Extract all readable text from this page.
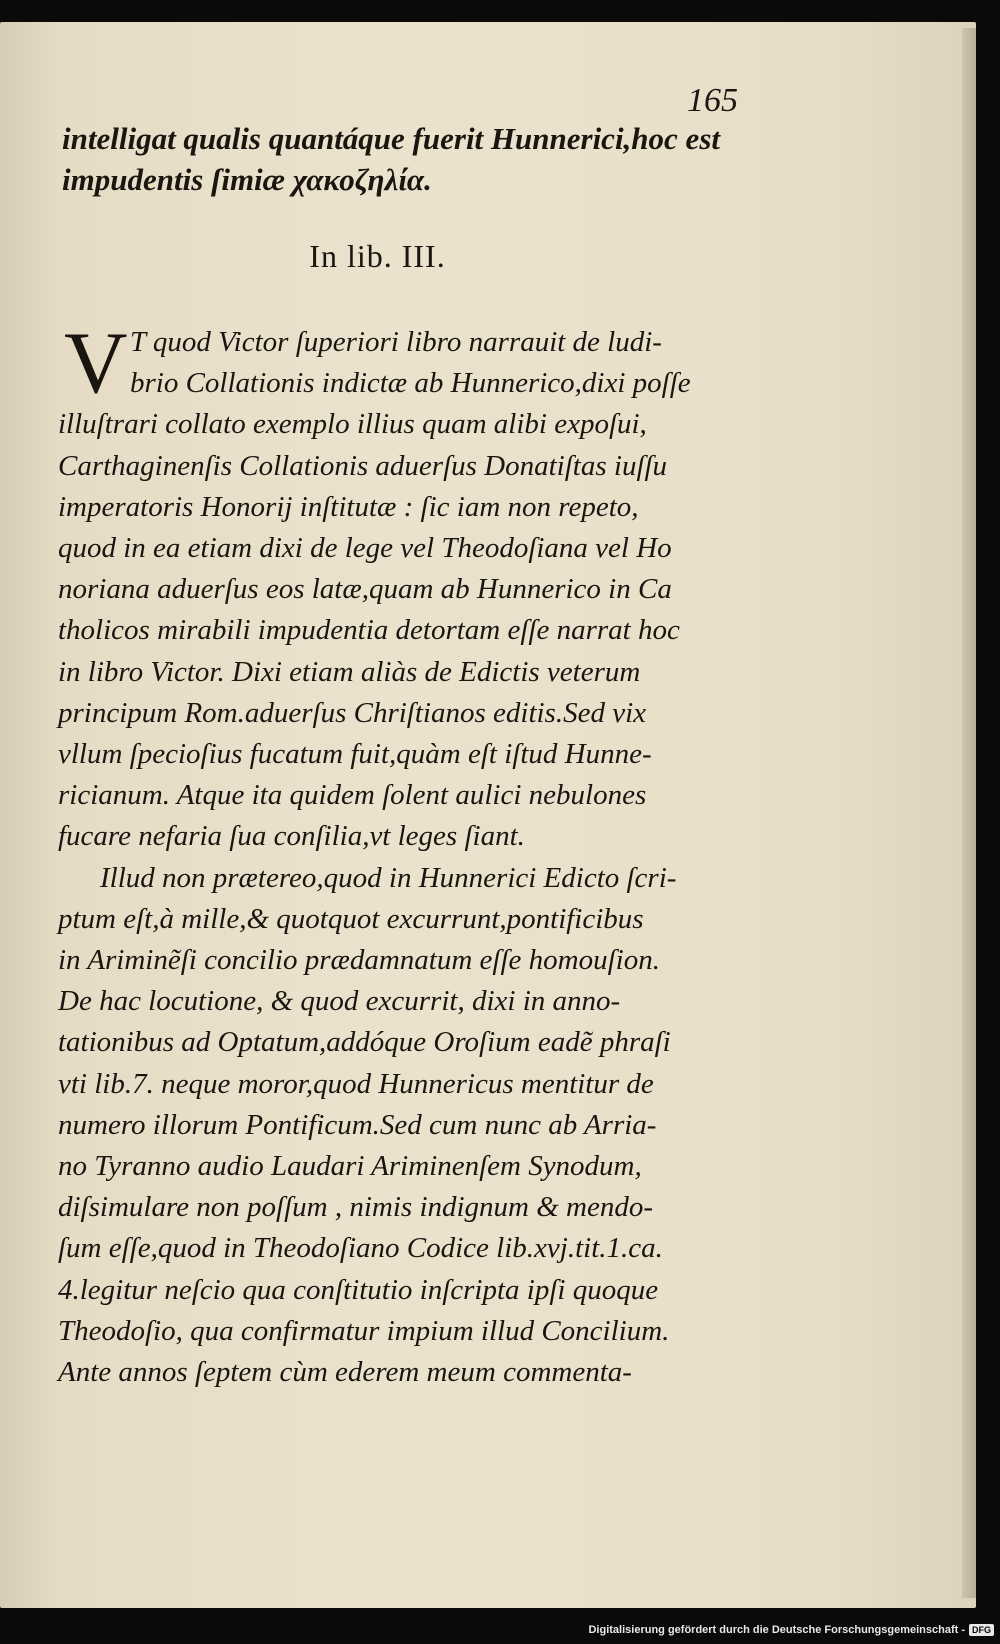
165

intelligat qualis quantáque fuerit Hunnerici,hoc est
impudentis ſimiæ χακοζηλία.

In lib. III.
V T quod Victor ſuperiori libro narrauit de ludi-
brio Collationis indictæ ab Hunnerico,dixi poſſe
illuſtrari collato exemplo illius quam alibi expoſui,
Carthaginenſis Collationis aduerſus Donatiſtas iuſſu
imperatoris Honorij inſtitutæ : ſic iam non repeto,
quod in ea etiam dixi de lege vel Theodoſiana vel Ho
noriana aduerſus eos latæ,quam ab Hunnerico in Ca
tholicos mirabili impudentia detortam eſſe narrat hoc
in libro Victor. Dixi etiam aliàs de Edictis veterum
principum Rom.aduerſus Chriſtianos editis.Sed vix
vllum ſpecioſius fucatum fuit,quàm eſt iſtud Hunne-
ricianum. Atque ita quidem ſolent aulici nebulones
fucare nefaria ſua conſilia,vt leges ſiant.
Illud non prætereo,quod in Hunnerici Edicto ſcri-
ptum eſt,à mille,& quotquot excurrunt,pontificibus
in Ariminẽſi concilio prædamnatum eſſe homouſion.
De hac locutione, & quod excurrit, dixi in anno-
tationibus ad Optatum,addóque Oroſium eadẽ phraſi
vti lib.7. neque moror,quod Hunnericus mentitur de
numero illorum Pontificum.Sed cum nunc ab Arria-
no Tyranno audio Laudari Ariminenſem Synodum,
diſsimulare non poſſum , nimis indignum & mendo-
ſum eſſe,quod in Theodoſiano Codice lib.xvj.tit.1.ca.
4.legitur neſcio qua conſtitutio inſcripta ipſi quoque
Theodoſio, qua confirmatur impium illud Concilium.
Ante annos ſeptem cùm ederem meum commenta-
Digitalisierung gefördert durch die Deutsche Forschungsgemeinschaft - DFG
